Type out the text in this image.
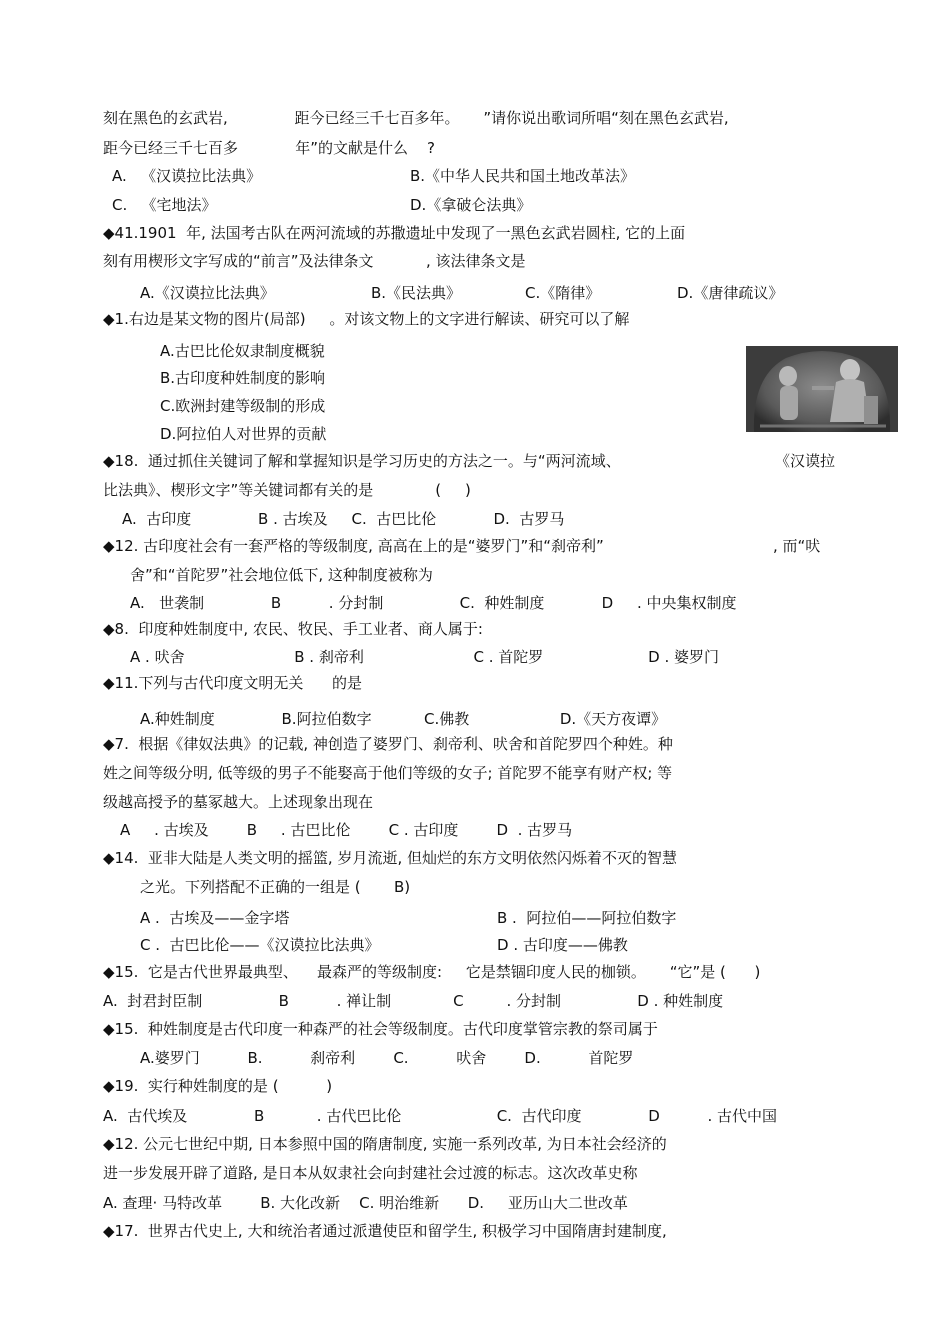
刻在黑色的玄武岩,              距今已经三千七百多年。     ”请你说出歌词所唱“刻在黑色玄武岩,
距今已经三千七百多            年”的文献是什么    ?
A.   《汉谟拉比法典》	B.《中华人民共和国土地改革法》
C.   《宅地法》	D.《拿破仑法典》
◆41.1901  年, 法国考古队在两河流域的苏撒遗址中发现了一黑色玄武岩圆柱, 它的上面
刻有用楔形文字写成的“前言”及法律条文           , 该法律条文是
A.《汉谟拉比法典》	B.《民法典》	C.《隋律》	D.《唐律疏议》
◆1.右边是某文物的图片(局部)     。对该文物上的文字进行解读、研究可以了解
A.古巴比伦奴隶制度概貌
B.古印度种姓制度的影响
C.欧洲封建等级制的形成
D.阿拉伯人对世界的贡献
◆18.  通过抓住关键词了解和掌握知识是学习历史的方法之一。与“两河流域、	《汉谟拉
比法典》、楔形文字”等关键词都有关的是             (     )
A.  古印度              B . 古埃及     C.  古巴比伦            D.  古罗马
◆12. 古印度社会有一套严格的等级制度, 高高在上的是“婆罗门”和“刹帝利”	, 而“吠
舍”和“首陀罗”社会地位低下, 这种制度被称为
A.   世袭制              B          . 分封制                C.  种姓制度            D     . 中央集权制度
◆8.  印度种姓制度中, 农民、牧民、手工业者、商人属于:
A . 吠舍                       B . 刹帝利                       C . 首陀罗                      D . 婆罗门
◆11.下列与古代印度文明无关      的是
A.种姓制度              B.阿拉伯数字           C.佛教                   D.《天方夜谭》
◆7.  根据《律奴法典》的记载, 神创造了婆罗门、刹帝利、吠舍和首陀罗四个种姓。种
姓之间等级分明, 低等级的男子不能娶高于他们等级的女子; 首陀罗不能享有财产权; 等
级越高授予的墓冢越大。上述现象出现在
A     . 古埃及        B     . 古巴比伦        C . 古印度        D  . 古罗马
◆14.  亚非大陆是人类文明的摇篮, 岁月流逝, 但灿烂的东方文明依然闪烁着不灭的智慧
之光。下列搭配不正确的一组是 (       B)
A .  古埃及——金字塔	B .  阿拉伯——阿拉伯数字
C .  古巴比伦——《汉谟拉比法典》	D . 古印度——佛教
◆15.  它是古代世界最典型、    最森严的等级制度:     它是禁锢印度人民的枷锁。     “它”是 (      )
A.  封君封臣制                B          . 禅让制             C         . 分封制                D . 种姓制度
◆15.  种姓制度是古代印度一种森严的社会等级制度。古代印度掌管宗教的祭司属于
A.婆罗门          B.          刹帝利        C.          吠舍        D.          首陀罗
◆19.  实行种姓制度的是 (          )
A.  古代埃及              B           . 古代巴比伦                    C.  古代印度              D          . 古代中国
◆12. 公元七世纪中期, 日本参照中国的隋唐制度, 实施一系列改革, 为日本社会经济的
进一步发展开辟了道路, 是日本从奴隶社会向封建社会过渡的标志。这次改革史称
A. 查理· 马特改革        B. 大化改新    C. 明治维新      D.     亚历山大二世改革
◆17.  世界古代史上, 大和统治者通过派遣使臣和留学生, 积极学习中国隋唐封建制度,
